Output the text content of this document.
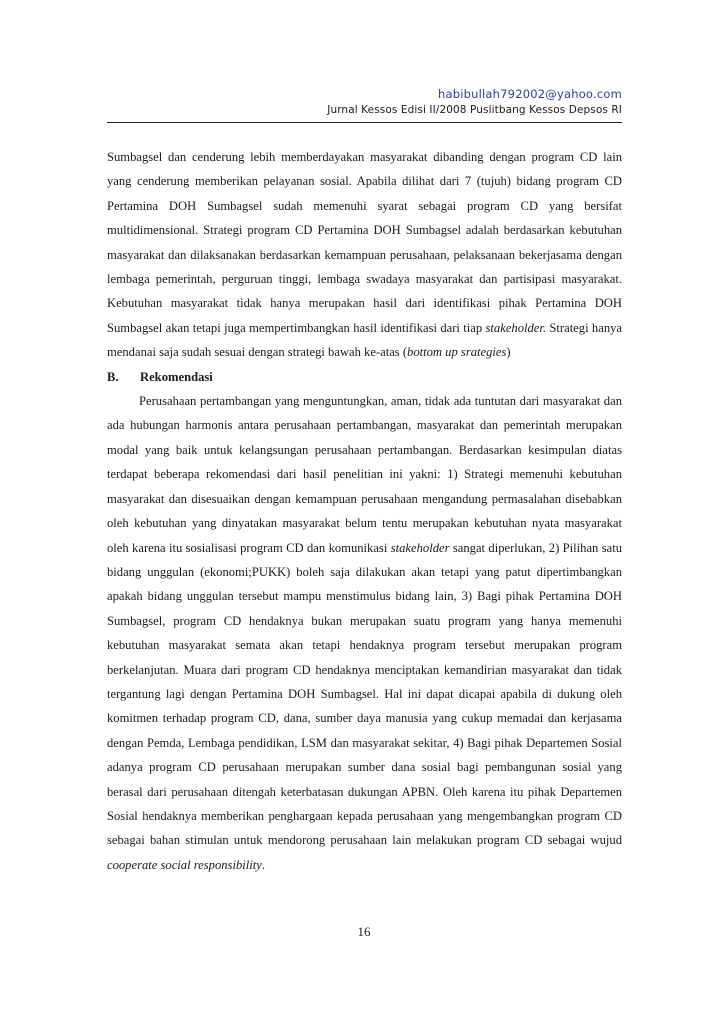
habibullah792002@yahoo.com
Jurnal Kessos Edisi II/2008 Puslitbang Kessos Depsos RI

Sumbagsel dan cenderung lebih memberdayakan masyarakat dibanding dengan program CD lain yang cenderung memberikan pelayanan sosial. Apabila dilihat dari 7 (tujuh) bidang program CD Pertamina DOH Sumbagsel sudah memenuhi syarat sebagai program CD yang bersifat multidimensional. Strategi program CD Pertamina DOH Sumbagsel adalah berdasarkan kebutuhan masyarakat dan dilaksanakan berdasarkan kemampuan perusahaan, pelaksanaan bekerjasama dengan lembaga pemerintah, perguruan tinggi, lembaga swadaya masyarakat dan partisipasi masyarakat. Kebutuhan masyarakat tidak hanya merupakan hasil dari identifikasi pihak Pertamina DOH Sumbagsel akan tetapi juga mempertimbangkan hasil identifikasi dari tiap stakeholder. Strategi hanya mendanai saja sudah sesuai dengan strategi bawah ke-atas (bottom up srategies)

B.	Rekomendasi

Perusahaan pertambangan yang menguntungkan, aman, tidak ada tuntutan dari masyarakat dan ada hubungan harmonis antara perusahaan pertambangan, masyarakat dan pemerintah merupakan modal yang baik untuk kelangsungan perusahaan pertambangan. Berdasarkan kesimpulan diatas terdapat beberapa rekomendasi dari hasil penelitian ini yakni: 1) Strategi memenuhi kebutuhan masyarakat dan disesuaikan dengan kemampuan perusahaan mengandung permasalahan disebabkan oleh kebutuhan yang dinyatakan masyarakat belum tentu merupakan kebutuhan nyata masyarakat oleh karena itu sosialisasi program CD dan komunikasi stakeholder sangat diperlukan, 2) Pilihan satu bidang unggulan (ekonomi;PUKK) boleh saja dilakukan akan tetapi yang patut dipertimbangkan apakah bidang unggulan tersebut mampu menstimulus bidang lain, 3) Bagi pihak Pertamina DOH Sumbagsel, program CD hendaknya bukan merupakan suatu program yang hanya memenuhi kebutuhan masyarakat semata akan tetapi hendaknya program tersebut merupakan program berkelanjutan. Muara dari program CD hendaknya menciptakan kemandirian masyarakat dan tidak tergantung lagi dengan Pertamina DOH Sumbagsel. Hal ini dapat dicapai apabila di dukung oleh komitmen terhadap program CD, dana, sumber daya manusia yang cukup memadai dan kerjasama dengan Pemda, Lembaga pendidikan, LSM dan masyarakat sekitar, 4) Bagi pihak Departemen Sosial adanya program CD perusahaan merupakan sumber dana sosial bagi pembangunan sosial yang berasal dari perusahaan ditengah keterbatasan dukungan APBN. Oleh karena itu pihak Departemen Sosial hendaknya memberikan penghargaan kepada perusahaan yang mengembangkan program CD sebagai bahan stimulan untuk mendorong perusahaan lain melakukan program CD sebagai wujud cooperate social responsibility.

16
